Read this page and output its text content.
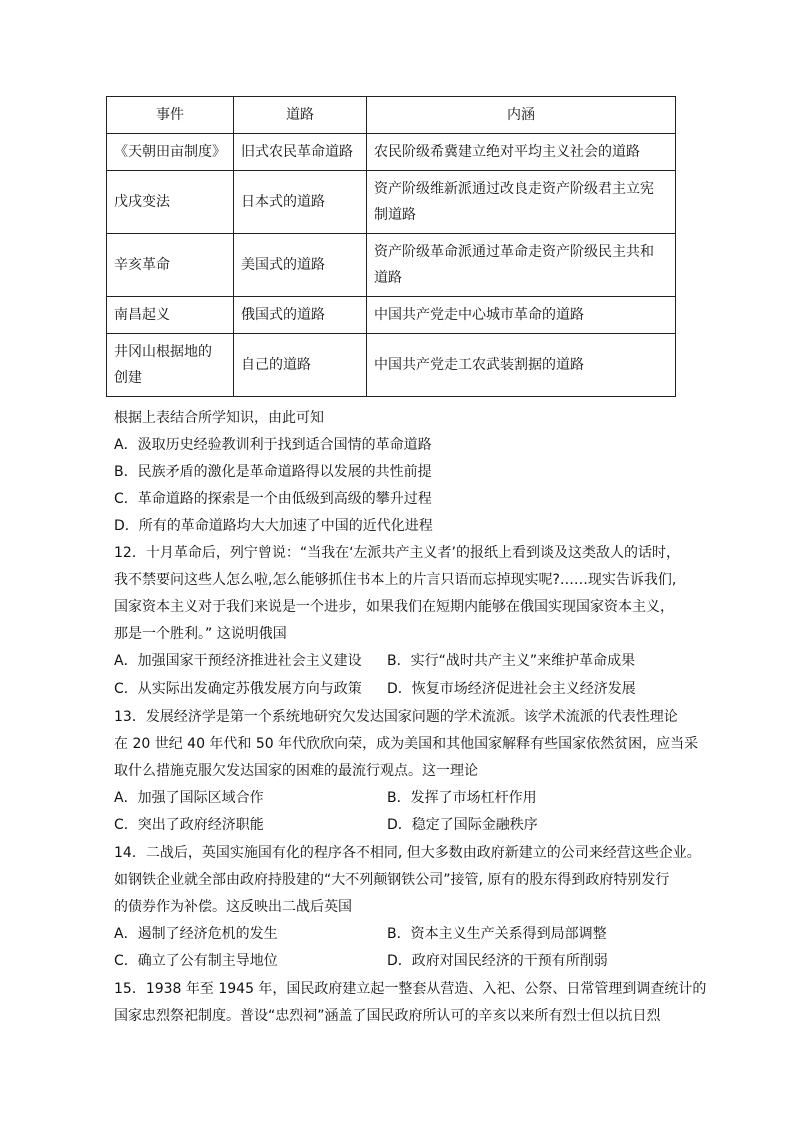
事件	道路	内涵
《天朝田亩制度》	旧式农民革命道路	农民阶级希冀建立绝对平均主义社会的道路
戊戌变法	日本式的道路	资产阶级维新派通过改良走资产阶级君主立宪
制道路

辛亥革命	美国式的道路	资产阶级革命派通过革命走资产阶级民主共和
道路

南昌起义	俄国式的道路	中国共产党走中心城市革命的道路

井冈山根据地的
创建	自己的道路	中国共产党走工农武装割据的道路
根据上表结合所学知识，由此可知
A．汲取历史经验教训利于找到适合国情的革命道路
B．民族矛盾的激化是革命道路得以发展的共性前提
C．革命道路的探索是一个由低级到高级的攀升过程
D．所有的革命道路均大大加速了中国的近代化进程
12．十月革命后，列宁曾说：“当我在‘左派共产主义者’的报纸上看到谈及这类敌人的话时，
我不禁要问这些人怎么啦,怎么能够抓住书本上的片言只语而忘掉现实呢?……现实告诉我们,
国家资本主义对于我们来说是一个进步，如果我们在短期内能够在俄国实现国家资本主义，
那是一个胜利。” 这说明俄国
A．加强国家干预经济推进社会主义建设 B．实行“战时共产主义”来维护革命成果
C．从实际出发确定苏俄发展方向与政策 D．恢复市场经济促进社会主义经济发展
13．发展经济学是第一个系统地研究欠发达国家问题的学术流派。该学术流派的代表性理论
在 20 世纪 40 年代和 50 年代欣欣向荣，成为美国和其他国家解释有些国家依然贫困，应当采
取什么措施克服欠发达国家的困难的最流行观点。这一理论
A．加强了国际区域合作	B．发挥了市场杠杆作用
C．突出了政府经济职能	D．稳定了国际金融秩序
14．二战后，英国实施国有化的程序各不相同, 但大多数由政府新建立的公司来经营这些企业。
如钢铁企业就全部由政府持股建的“大不列颠钢铁公司”接管, 原有的股东得到政府特别发行
的债券作为补偿。这反映出二战后英国
A．遏制了经济危机的发生	B．资本主义生产关系得到局部调整
C．确立了公有制主导地位	D．政府对国民经济的干预有所削弱
15．1938 年至 1945 年，国民政府建立起一整套从营造、入祀、公祭、日常管理到调查统计的
国家忠烈祭祀制度。普设“忠烈祠”涵盖了国民政府所认可的辛亥以来所有烈士但以抗日烈
